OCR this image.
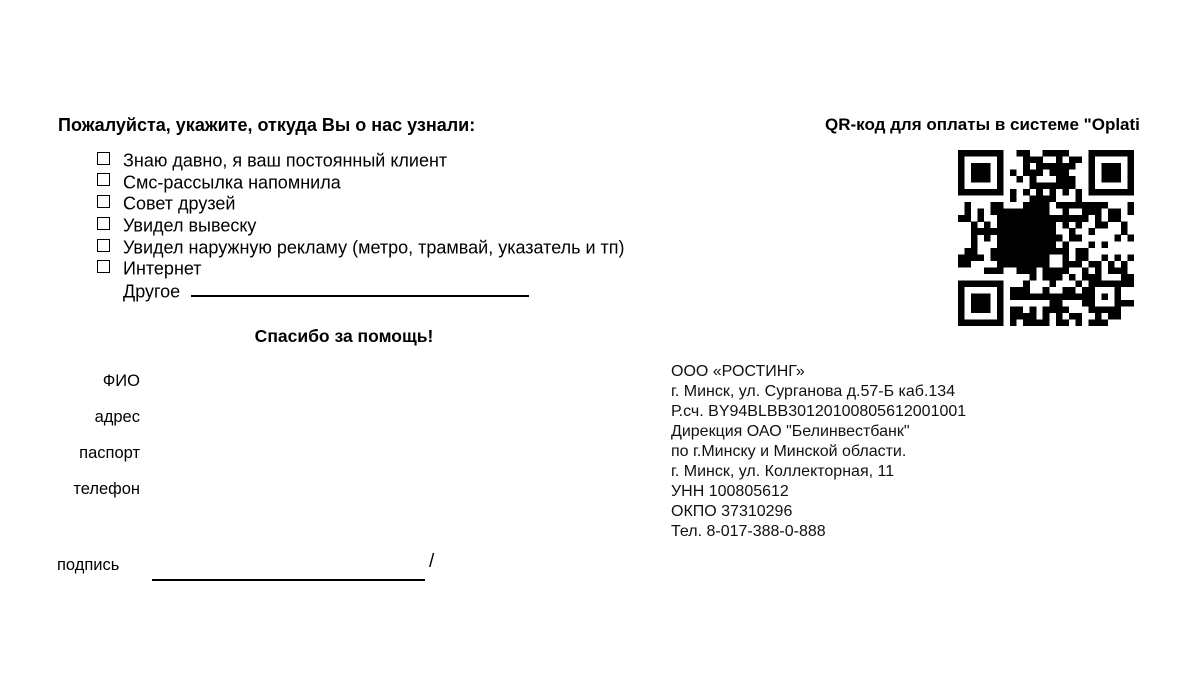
Пожалуйста, укажите, откуда Вы о нас узнали:	QR-код для оплаты в системе "Oplati
Знаю давно, я ваш постоянный клиент
Смс-рассылка напомнила
Совет друзей
Увидел вывеску
Увидел наружную рекламу (метро, трамвай, указатель и тп)
Интернет
Другое
Спасибо за помощь!
ФИО
адрес
паспорт
телефон
подпись	/
ООО «РОСТИНГ»
г. Минск, ул. Сурганова д.57-Б каб.134
Р.сч. BY94BLBB30120100805612001001
Дирекция ОАО "Белинвестбанк"
по г.Минску и Минской области.
г. Минск, ул. Коллекторная, 11
УНН 100805612
ОКПО 37310296
Тел. 8-017-388-0-888
